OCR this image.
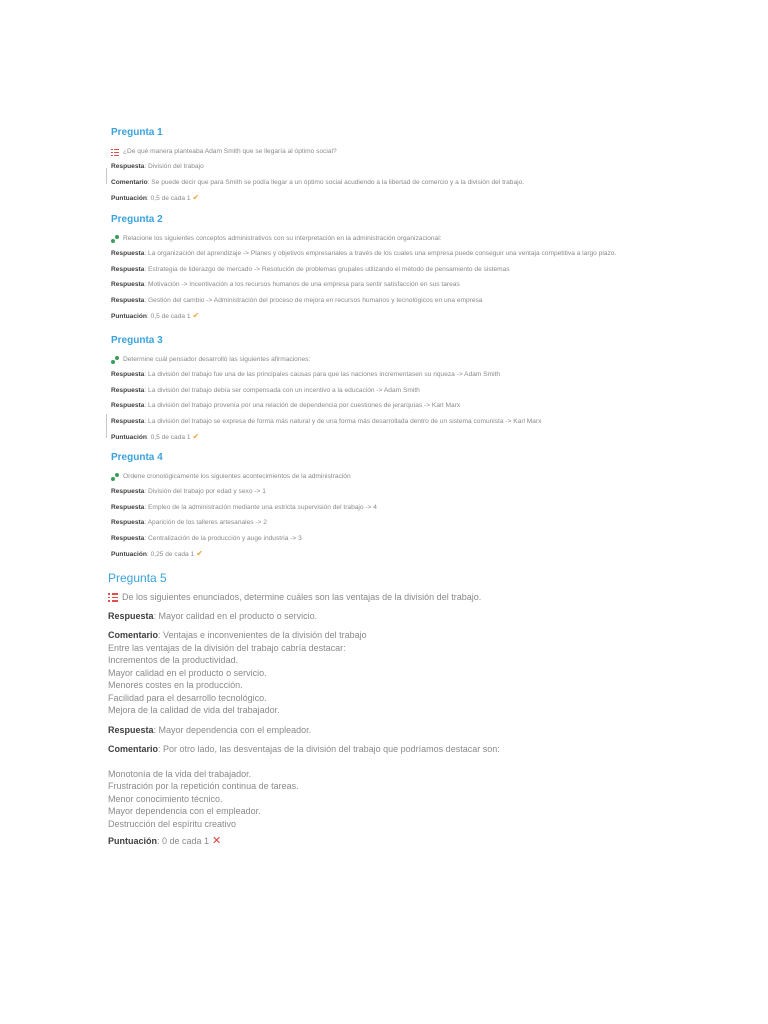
Pregunta 1
¿De qué manera planteaba Adam Smith que se llegaría al óptimo social?
Respuesta: División del trabajo
Comentario: Se puede decir que para Smith se podía llegar a un óptimo social acudiendo a la libertad de comercio y a la división del trabajo.
Puntuación: 0,5 de cada 1 ✔
Pregunta 2
Relacione los siguientes conceptos administrativos con su interpretación en la administración organizacional:
Respuesta: La organización del aprendizaje -> Planes y objetivos empresariales a través de los cuales una empresa puede conseguir una ventaja competitiva a largo plazo.
Respuesta: Estrategia de liderazgo de mercado -> Resolución de problemas grupales utilizando el método de pensamiento de sistemas
Respuesta: Motivación -> Incentivación a los recursos humanos de una empresa para sentir satisfacción en sus tareas
Respuesta: Gestión del cambio -> Administración del proceso de mejora en recursos humanos y tecnológicos en una empresa
Puntuación: 0,5 de cada 1 ✔
Pregunta 3
Determine cuál pensador desarrolló las siguientes afirmaciones:
Respuesta: La división del trabajo fue una de las principales causas para que las naciones incrementasen su riqueza -> Adam Smith
Respuesta: La división del trabajo debía ser compensada con un incentivo a la educación -> Adam Smith
Respuesta: La división del trabajo provenía por una relación de dependencia por cuestiones de jerarquías -> Karl Marx
Respuesta: La división del trabajo se expresa de forma más natural y de una forma más desarrollada dentro de un sistema comunista -> Karl Marx
Puntuación: 0,5 de cada 1 ✔
Pregunta 4
Ordene cronológicamente los siguientes acontecimientos de la administración
Respuesta: División del trabajo por edad y sexo -> 1
Respuesta: Empleo de la administración mediante una estricta supervisión del trabajo -> 4
Respuesta: Aparición de los talleres artesanales -> 2
Respuesta: Centralización de la producción y auge industria -> 3
Puntuación: 0,25 de cada 1 ✔
Pregunta 5
De los siguientes enunciados, determine cuáles son las ventajas de la división del trabajo.
Respuesta: Mayor calidad en el producto o servicio.
Comentario: Ventajas e inconvenientes de la división del trabajo
Entre las ventajas de la división del trabajo cabría destacar:
Incrementos de la productividad.
Mayor calidad en el producto o servicio.
Menores costes en la producción.
Facilidad para el desarrollo tecnológico.
Mejora de la calidad de vida del trabajador.
Respuesta: Mayor dependencia con el empleador.
Comentario: Por otro lado, las desventajas de la división del trabajo que podríamos destacar son:
Monotonía de la vida del trabajador.
Frustración por la repetición continua de tareas.
Menor conocimiento técnico.
Mayor dependencia con el empleador.
Destrucción del espíritu creativo
Puntuación: 0 de cada 1 ✕
